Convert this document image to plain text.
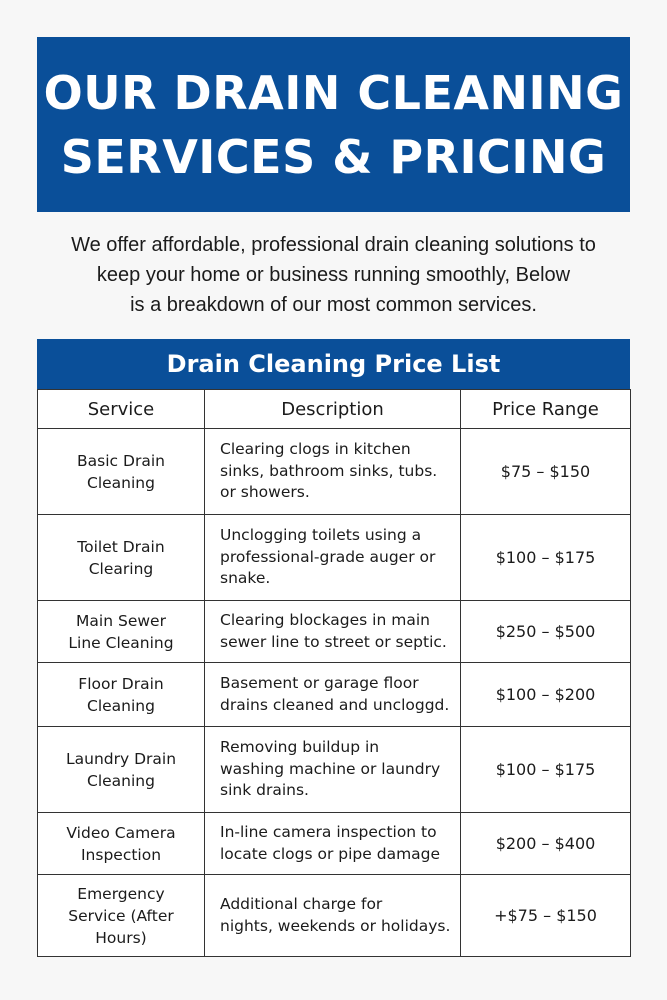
OUR DRAIN CLEANING
SERVICES & PRICING
We offer affordable, professional drain cleaning solutions to
keep your home or business running smoothly, Below
is a breakdown of our most common services.
Drain Cleaning Price List
Service	Description	Price Range

Basic Drain
Cleaning	Clearing clogs in kitchen
sinks, bathroom sinks, tubs.
or showers.	$75 – $150

Toilet Drain
Clearing	Unclogging toilets using a
professional-grade auger or
snake.	$100 – $175

Main Sewer
Line Cleaning	Clearing blockages in main
sewer line to street or septic.	$250 – $500

Floor Drain
Cleaning	Basement or garage floor
drains cleaned and uncloggd.	$100 – $200

Laundry Drain
Cleaning	Removing buildup in
washing machine or laundry
sink drains.	$100 – $175

Video Camera
Inspection	In-line camera inspection to
locate clogs or pipe damage	$200 – $400

Emergency
Service (After
Hours)	Additional charge for
nights, weekends or holidays.	+$75 – $150
